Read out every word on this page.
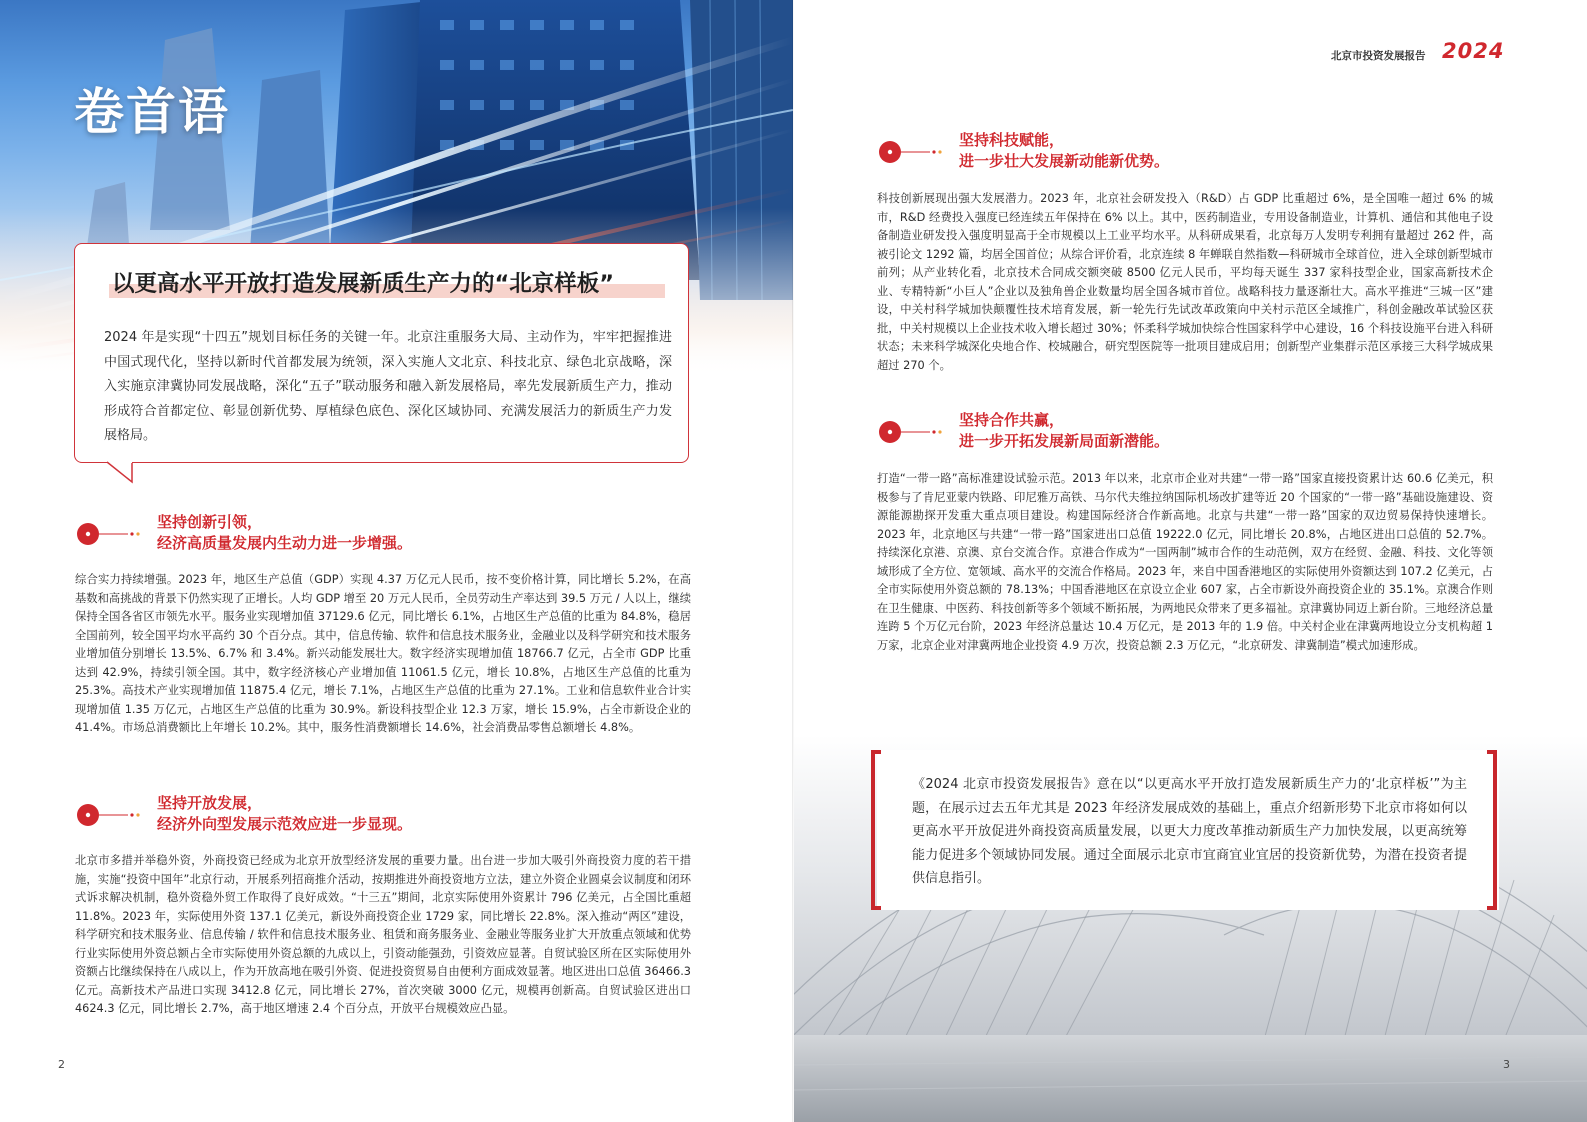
卷首语
以更高水平开放打造发展新质生产力的“北京样板”

2024 年是实现“十四五”规划目标任务的关键一年。北京注重服务大局、主动作为，牢牢把握推进中国式现代化，坚持以新时代首都发展为统领，深入实施人文北京、科技北京、绿色北京战略，深入实施京津冀协同发展战略，深化“五子”联动服务和融入新发展格局，率先发展新质生产力，推动形成符合首都定位、彰显创新优势、厚植绿色底色、深化区域协同、充满发展活力的新质生产力发展格局。

坚持创新引领，
经济高质量发展内生动力进一步增强。

综合实力持续增强。2023 年，地区生产总值（GDP）实现 4.37 万亿元人民币，按不变价格计算，同比增长 5.2%，在高基数和高挑战的背景下仍然实现了正增长。人均 GDP 增至 20 万元人民币，全员劳动生产率达到 39.5 万元 / 人以上，继续保持全国各省区市领先水平。服务业实现增加值 37129.6 亿元，同比增长 6.1%，占地区生产总值的比重为 84.8%，稳居全国前列，较全国平均水平高约 30 个百分点。其中，信息传输、软件和信息技术服务业，金融业以及科学研究和技术服务业增加值分别增长 13.5%、6.7% 和 3.4%。新兴动能发展壮大。数字经济实现增加值 18766.7 亿元，占全市 GDP 比重达到 42.9%，持续引领全国。其中，数字经济核心产业增加值 11061.5 亿元，增长 10.8%，占地区生产总值的比重为 25.3%。高技术产业实现增加值 11875.4 亿元，增长 7.1%，占地区生产总值的比重为 27.1%。工业和信息软件业合计实现增加值 1.35 万亿元，占地区生产总值的比重为 30.9%。新设科技型企业 12.3 万家，增长 15.9%，占全市新设企业的 41.4%。市场总消费额比上年增长 10.2%。其中，服务性消费额增长 14.6%，社会消费品零售总额增长 4.8%。

坚持开放发展，
经济外向型发展示范效应进一步显现。

北京市多措并举稳外资，外商投资已经成为北京开放型经济发展的重要力量。出台进一步加大吸引外商投资力度的若干措施，实施“投资中国年”北京行动，开展系列招商推介活动，按期推进外商投资地方立法，建立外资企业圆桌会议制度和闭环式诉求解决机制，稳外资稳外贸工作取得了良好成效。“十三五”期间，北京实际使用外资累计 796 亿美元，占全国比重超 11.8%。2023 年，实际使用外资 137.1 亿美元，新设外商投资企业 1729 家，同比增长 22.8%。深入推动“两区”建设，科学研究和技术服务业、信息传输 / 软件和信息技术服务业、租赁和商务服务业、金融业等服务业扩大开放重点领域和优势行业实际使用外资总额占全市实际使用外资总额的九成以上，引资动能强劲，引资效应显著。自贸试验区所在区实际使用外资额占比继续保持在八成以上，作为开放高地在吸引外资、促进投资贸易自由便利方面成效显著。地区进出口总值 36466.3 亿元。高新技术产品进口实现 3412.8 亿元，同比增长 27%，首次突破 3000 亿元，规模再创新高。自贸试验区进出口 4624.3 亿元，同比增长 2.7%，高于地区增速 2.4 个百分点，开放平台规模效应凸显。

2
北京市投资发展报告 2024
坚持科技赋能，
进一步壮大发展新动能新优势。

科技创新展现出强大发展潜力。2023 年，北京社会研发投入（R&D）占 GDP 比重超过 6%，是全国唯一超过 6% 的城市，R&D 经费投入强度已经连续五年保持在 6% 以上。其中，医药制造业，专用设备制造业，计算机、通信和其他电子设备制造业研发投入强度明显高于全市规模以上工业平均水平。从科研成果看，北京每万人发明专利拥有量超过 262 件，高被引论文 1292 篇，均居全国首位；从综合评价看，北京连续 8 年蝉联自然指数—科研城市全球首位，进入全球创新型城市前列；从产业转化看，北京技术合同成交额突破 8500 亿元人民币，平均每天诞生 337 家科技型企业，国家高新技术企业、专精特新“小巨人”企业以及独角兽企业数量均居全国各城市首位。战略科技力量逐渐壮大。高水平推进“三城一区”建设，中关村科学城加快颠覆性技术培育发展，新一轮先行先试改革政策向中关村示范区全域推广，科创金融改革试验区获批，中关村规模以上企业技术收入增长超过 30%；怀柔科学城加快综合性国家科学中心建设，16 个科技设施平台进入科研状态；未来科学城深化央地合作、校城融合，研究型医院等一批项目建成启用；创新型产业集群示范区承接三大科学城成果超过 270 个。

坚持合作共赢，
进一步开拓发展新局面新潜能。

打造“一带一路”高标准建设试验示范。2013 年以来，北京市企业对共建“一带一路”国家直接投资累计达 60.6 亿美元，积极参与了肯尼亚蒙内铁路、印尼雅万高铁、马尔代夫维拉纳国际机场改扩建等近 20 个国家的“一带一路”基础设施建设、资源能源勘探开发重大重点项目建设。构建国际经济合作新高地。北京与共建“一带一路”国家的双边贸易保持快速增长。2023 年，北京地区与共建“一带一路”国家进出口总值 19222.0 亿元，同比增长 20.8%，占地区进出口总值的 52.7%。持续深化京港、京澳、京台交流合作。京港合作成为“一国两制”城市合作的生动范例，双方在经贸、金融、科技、文化等领域形成了全方位、宽领域、高水平的交流合作格局。2023 年，来自中国香港地区的实际使用外资额达到 107.2 亿美元，占全市实际使用外资总额的 78.13%；中国香港地区在京设立企业 607 家，占全市新设外商投资企业的 35.1%。京澳合作则在卫生健康、中医药、科技创新等多个领域不断拓展，为两地民众带来了更多福祉。京津冀协同迈上新台阶。三地经济总量连跨 5 个万亿元台阶，2023 年经济总量达 10.4 万亿元，是 2013 年的 1.9 倍。中关村企业在津冀两地设立分支机构超 1 万家，北京企业对津冀两地企业投资 4.9 万次，投资总额 2.3 万亿元，“北京研发、津冀制造”模式加速形成。

《2024 北京市投资发展报告》意在以“以更高水平开放打造发展新质生产力的‘北京样板’”为主题，在展示过去五年尤其是 2023 年经济发展成效的基础上，重点介绍新形势下北京市将如何以更高水平开放促进外商投资高质量发展，以更大力度改革推动新质生产力加快发展，以更高统筹能力促进多个领域协同发展。通过全面展示北京市宜商宜业宜居的投资新优势，为潜在投资者提供信息指引。

3
